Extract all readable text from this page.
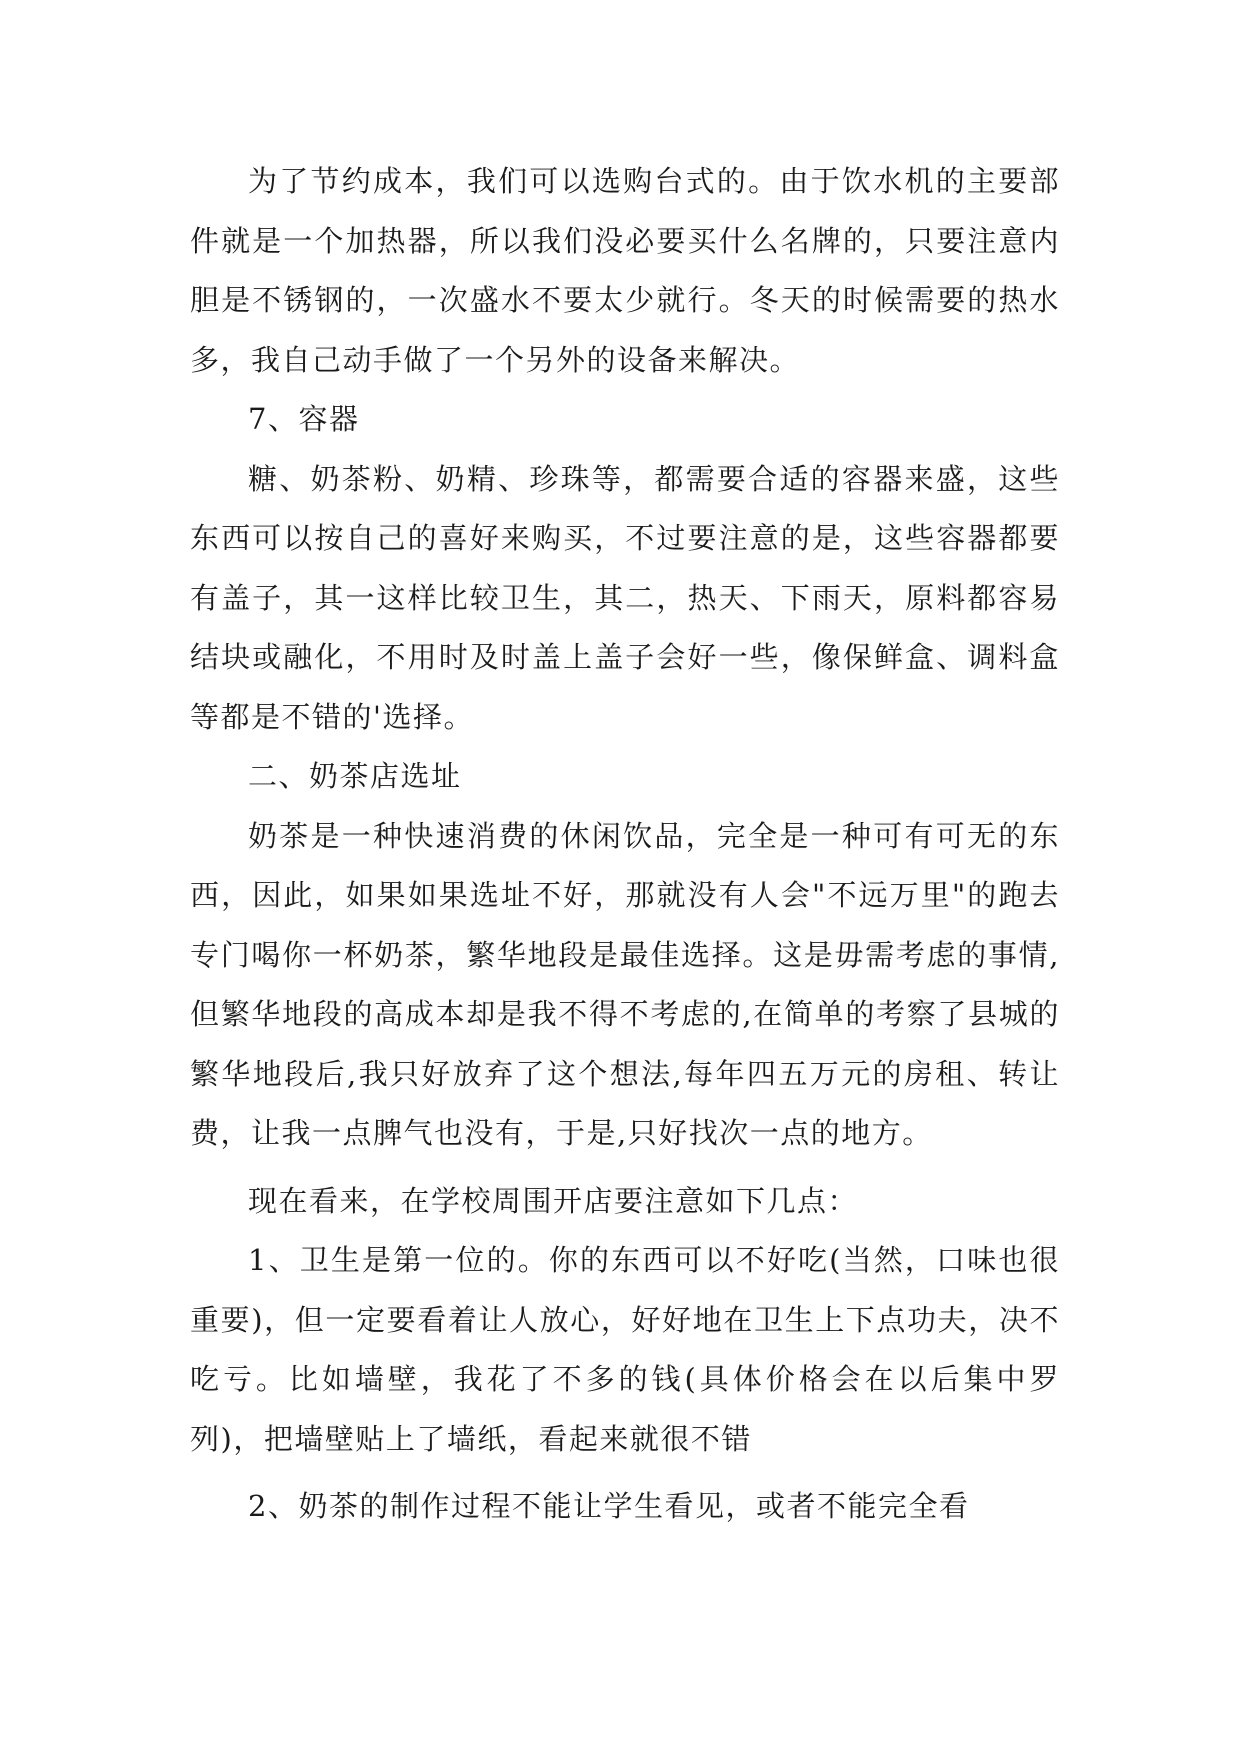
为了节约成本，我们可以选购台式的。由于饮水机的主要部件就是一个加热器，所以我们没必要买什么名牌的，只要注意内胆是不锈钢的，一次盛水不要太少就行。冬天的时候需要的热水多，我自己动手做了一个另外的设备来解决。

7、容器

糖、奶茶粉、奶精、珍珠等，都需要合适的容器来盛，这些东西可以按自己的喜好来购买，不过要注意的是，这些容器都要有盖子，其一这样比较卫生，其二，热天、下雨天，原料都容易结块或融化，不用时及时盖上盖子会好一些，像保鲜盒、调料盒等都是不错的'选择。

二、奶茶店选址

奶茶是一种快速消费的休闲饮品，完全是一种可有可无的东西，因此，如果如果选址不好，那就没有人会"不远万里"的跑去专门喝你一杯奶茶，繁华地段是最佳选择。这是毋需考虑的事情,但繁华地段的高成本却是我不得不考虑的,在简单的考察了县城的繁华地段后,我只好放弃了这个想法,每年四五万元的房租、转让费，让我一点脾气也没有，于是,只好找次一点的地方。

现在看来，在学校周围开店要注意如下几点：

1、卫生是第一位的。你的东西可以不好吃(当然，口味也很重要)，但一定要看着让人放心，好好地在卫生上下点功夫，决不吃亏。比如墙壁，我花了不多的钱(具体价格会在以后集中罗列)，把墙壁贴上了墙纸，看起来就很不错

2、奶茶的制作过程不能让学生看见，或者不能完全看
